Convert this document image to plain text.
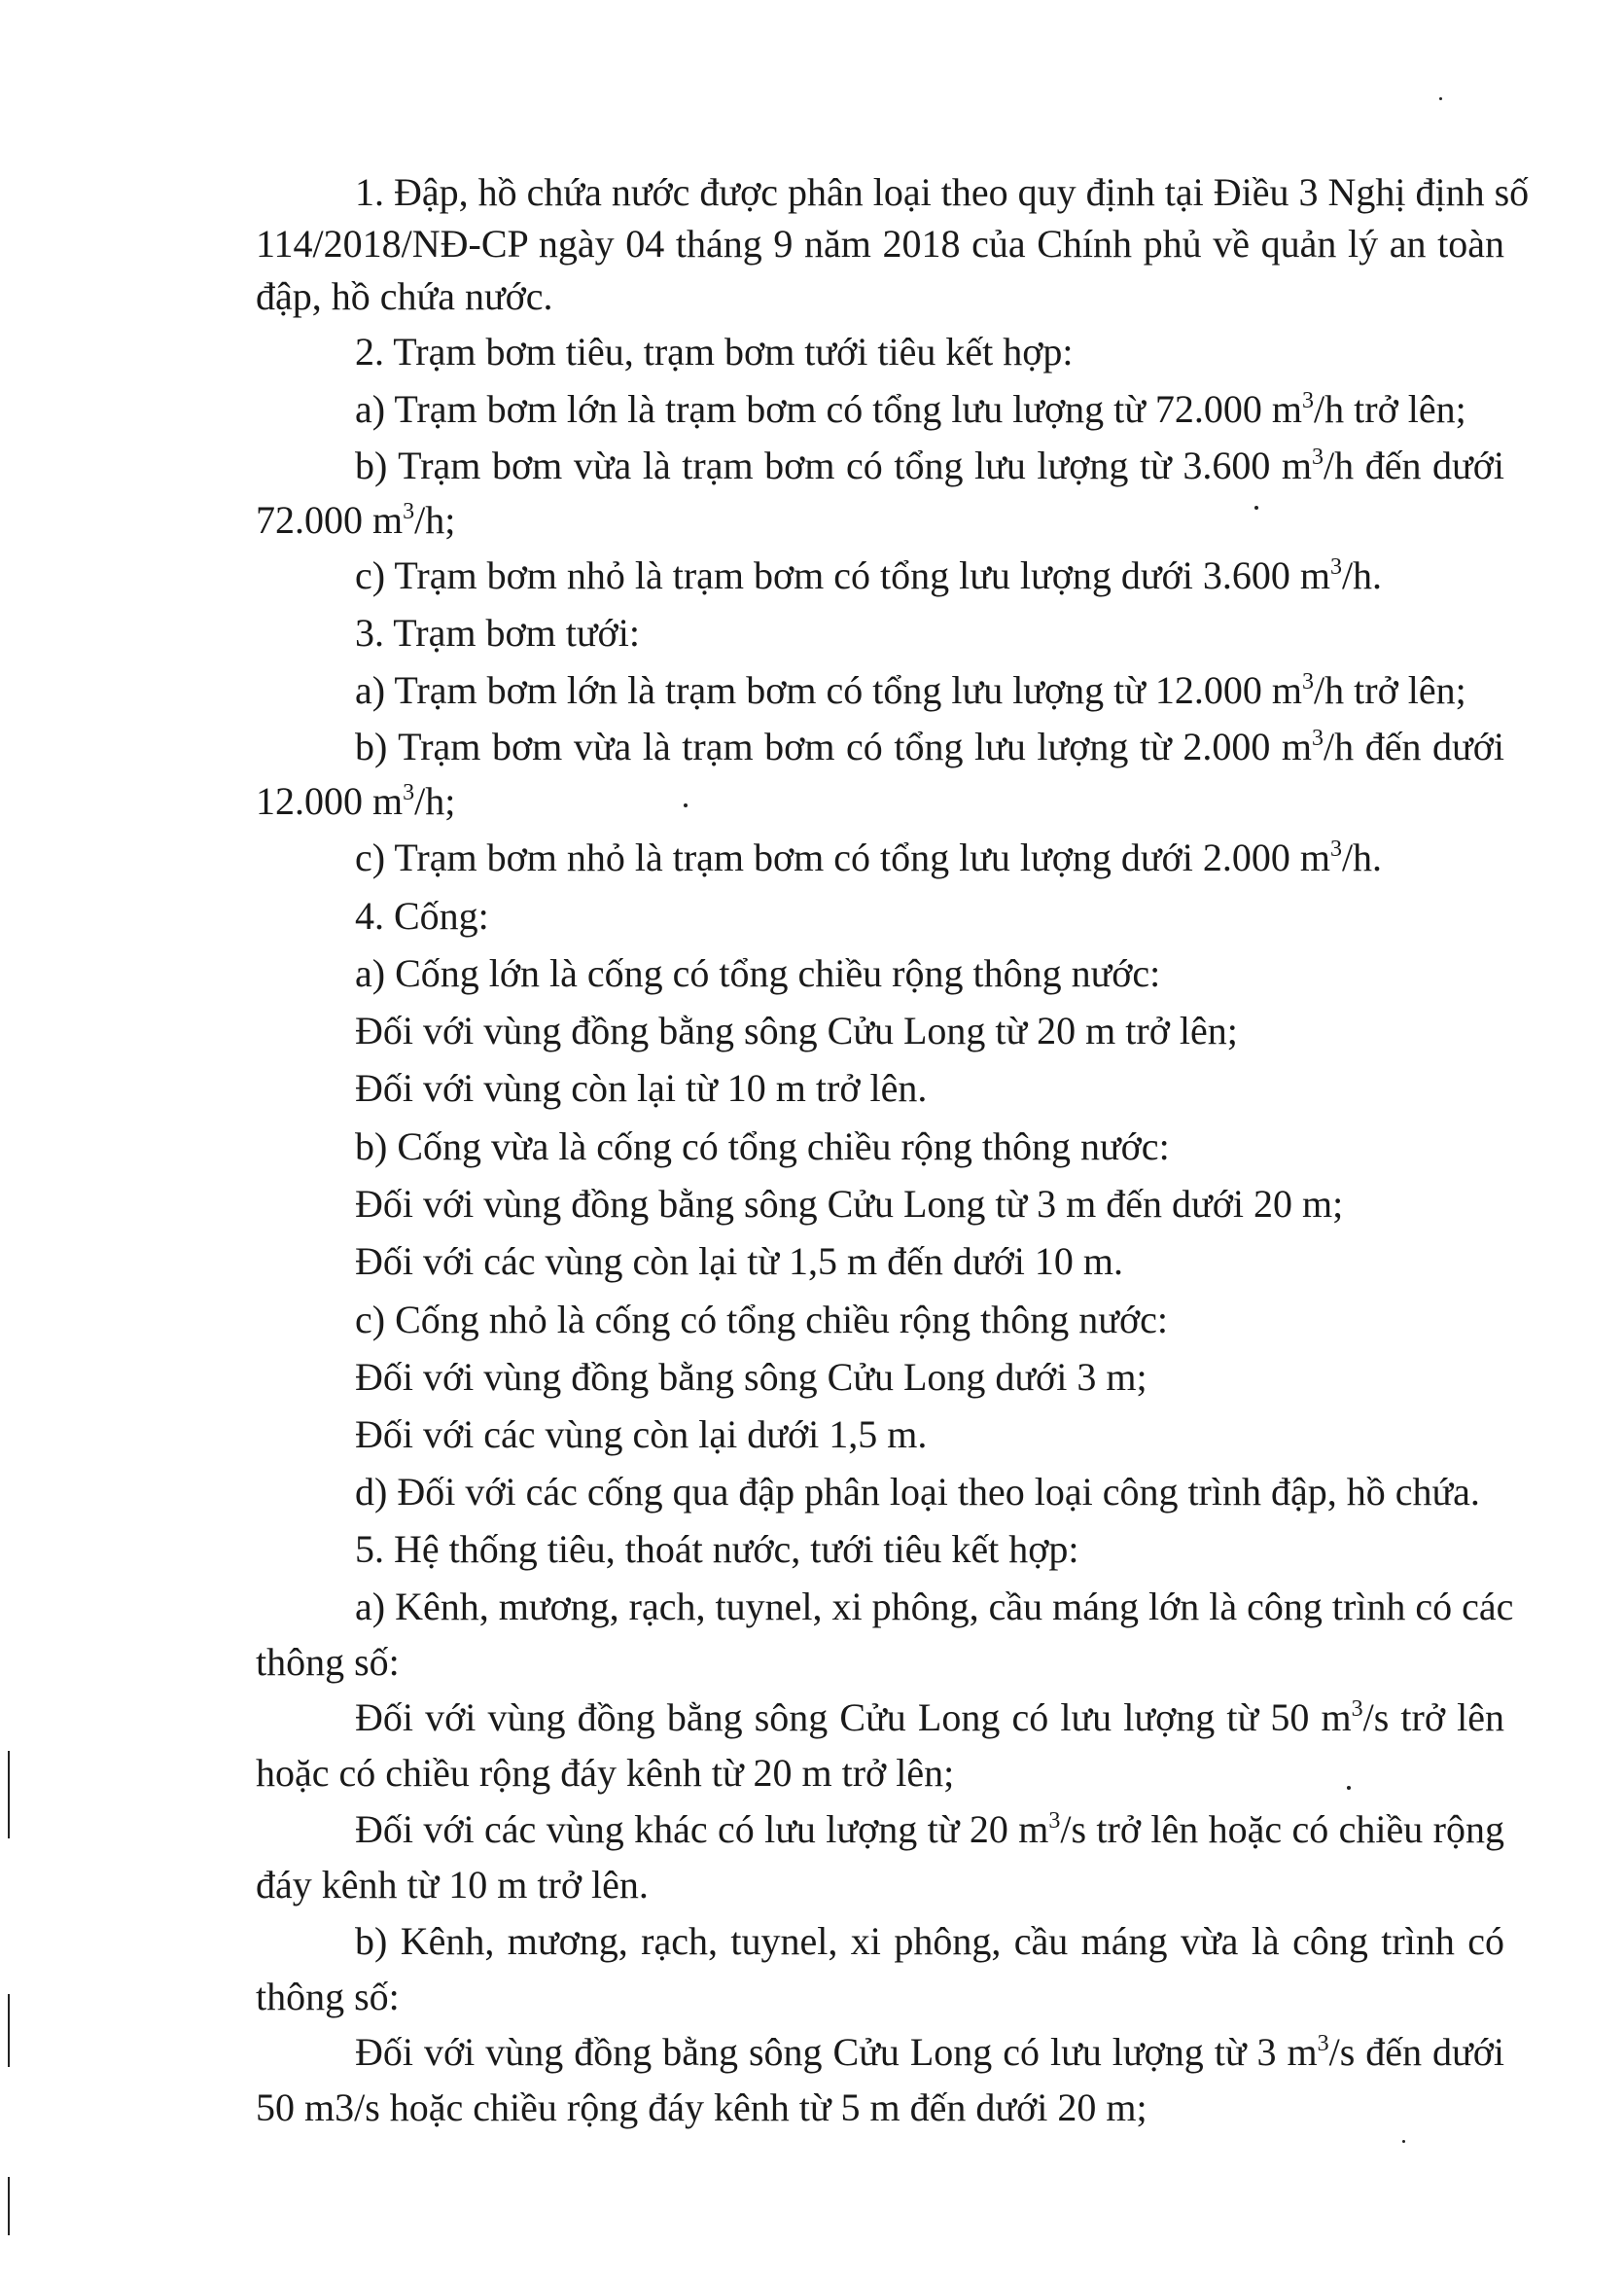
1. Đập, hồ chứa nước được phân loại theo quy định tại Điều 3 Nghị định số
114/2018/NĐ-CP ngày 04 tháng 9 năm 2018 của Chính phủ về quản lý an toàn
đập, hồ chứa nước.
2. Trạm bơm tiêu, trạm bơm tưới tiêu kết hợp:
a) Trạm bơm lớn là trạm bơm có tổng lưu lượng từ 72.000 $m^3/h$ trở lên;
b) Trạm bơm vừa là trạm bơm có tổng lưu lượng từ 3.600 $m^3/h$ đến dưới
72.000 $m^3/h$;
c) Trạm bơm nhỏ là trạm bơm có tổng lưu lượng dưới 3.600 $m^3/h$.
3. Trạm bơm tưới:
a) Trạm bơm lớn là trạm bơm có tổng lưu lượng từ 12.000 $m^3/h$ trở lên;
b) Trạm bơm vừa là trạm bơm có tổng lưu lượng từ 2.000 $m^3/h$ đến dưới
12.000 $m^3/h$;
c) Trạm bơm nhỏ là trạm bơm có tổng lưu lượng dưới 2.000 $m^3/h$.
4. Cống:
a) Cống lớn là cống có tổng chiều rộng thông nước:
Đối với vùng đồng bằng sông Cửu Long từ 20 m trở lên;
Đối với vùng còn lại từ 10 m trở lên.
b) Cống vừa là cống có tổng chiều rộng thông nước:
Đối với vùng đồng bằng sông Cửu Long từ 3 m đến dưới 20 m;
Đối với các vùng còn lại từ 1,5 m đến dưới 10 m.
c) Cống nhỏ là cống có tổng chiều rộng thông nước:
Đối với vùng đồng bằng sông Cửu Long dưới 3 m;
Đối với các vùng còn lại dưới 1,5 m.
d) Đối với các cống qua đập phân loại theo loại công trình đập, hồ chứa.
5. Hệ thống tiêu, thoát nước, tưới tiêu kết hợp:
a) Kênh, mương, rạch, tuynel, xi phông, cầu máng lớn là công trình có các
thông số:
Đối với vùng đồng bằng sông Cửu Long có lưu lượng từ 50 $m^3/s$ trở lên
hoặc có chiều rộng đáy kênh từ 20 m trở lên;
Đối với các vùng khác có lưu lượng từ 20 $m^3/s$ trở lên hoặc có chiều rộng
đáy kênh từ 10 m trở lên.
b) Kênh, mương, rạch, tuynel, xi phông, cầu máng vừa là công trình có
thông số:
Đối với vùng đồng bằng sông Cửu Long có lưu lượng từ 3 $m^3/s$ đến dưới
50 m3/s hoặc chiều rộng đáy kênh từ 5 m đến dưới 20 m;
